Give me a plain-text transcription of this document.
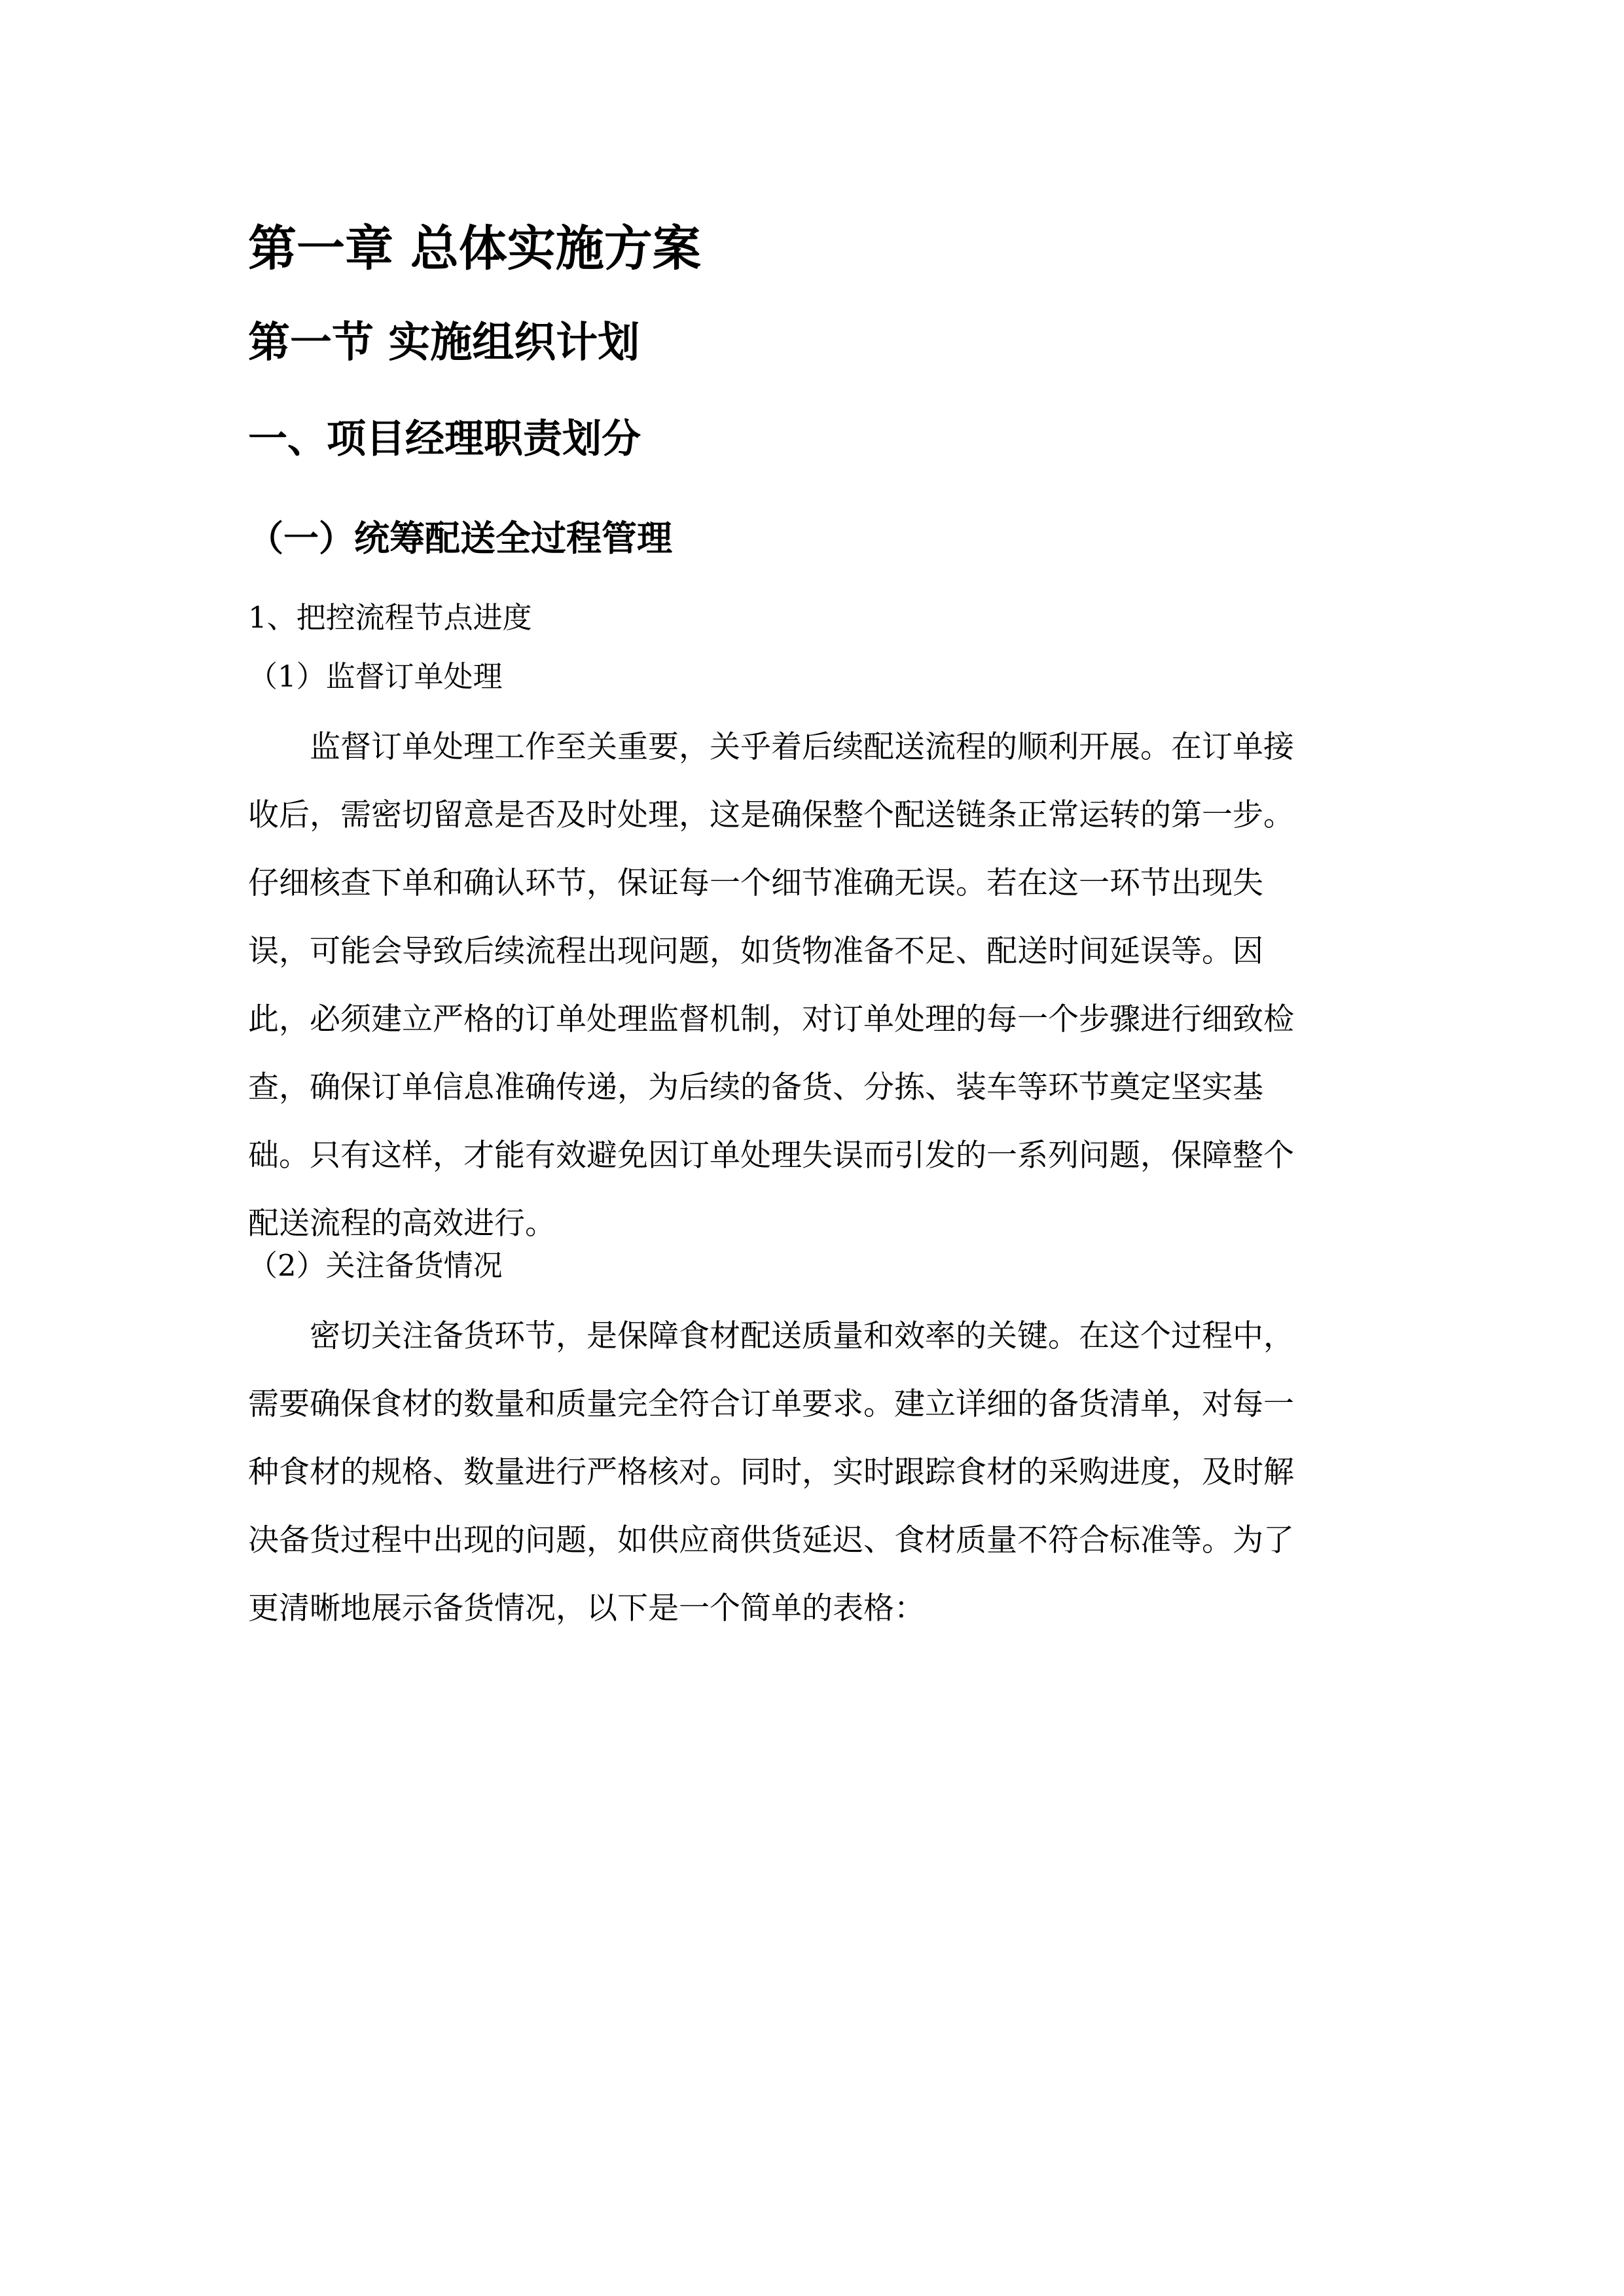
第一章 总体实施方案
第一节 实施组织计划
一、项目经理职责划分
（一）统筹配送全过程管理
1、把控流程节点进度
（1）监督订单处理
监督订单处理工作至关重要，关乎着后续配送流程的顺利开展。在订单接
收后，需密切留意是否及时处理，这是确保整个配送链条正常运转的第一步。
仔细核查下单和确认环节，保证每一个细节准确无误。若在这一环节出现失
误，可能会导致后续流程出现问题，如货物准备不足、配送时间延误等。因
此，必须建立严格的订单处理监督机制，对订单处理的每一个步骤进行细致检
查，确保订单信息准确传递，为后续的备货、分拣、装车等环节奠定坚实基
础。只有这样，才能有效避免因订单处理失误而引发的一系列问题，保障整个
配送流程的高效进行。
（2）关注备货情况
密切关注备货环节，是保障食材配送质量和效率的关键。在这个过程中，
需要确保食材的数量和质量完全符合订单要求。建立详细的备货清单，对每一
种食材的规格、数量进行严格核对。同时，实时跟踪食材的采购进度，及时解
决备货过程中出现的问题，如供应商供货延迟、食材质量不符合标准等。为了
更清晰地展示备货情况，以下是一个简单的表格：
